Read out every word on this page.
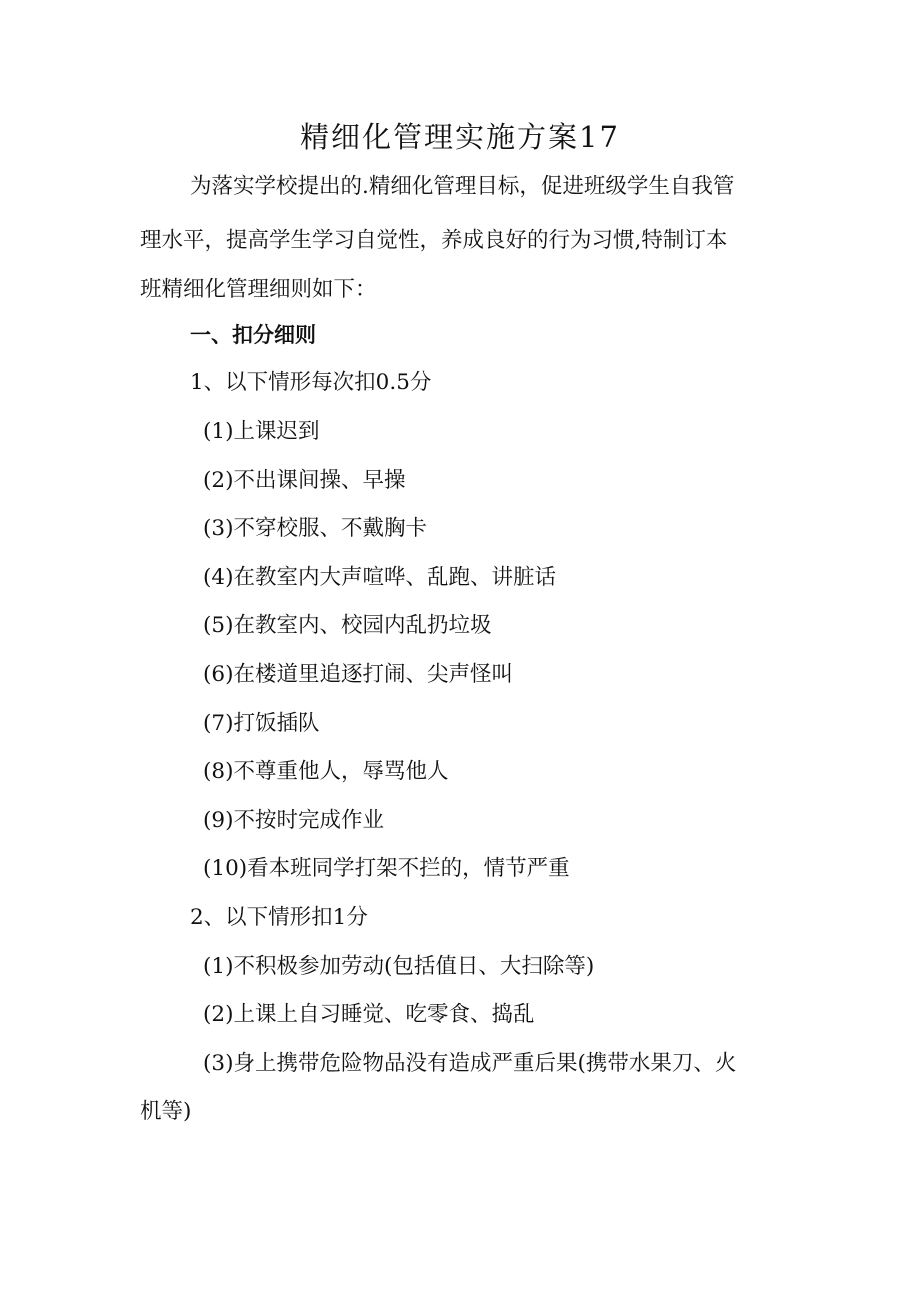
精细化管理实施方案17
为落实学校提出的.精细化管理目标，促进班级学生自我管
理水平，提高学生学习自觉性，养成良好的行为习惯,特制订本
班精细化管理细则如下：
一、扣分细则
1、以下情形每次扣0.5分
(1)上课迟到
(2)不出课间操、早操
(3)不穿校服、不戴胸卡
(4)在教室内大声喧哗、乱跑、讲脏话
(5)在教室内、校园内乱扔垃圾
(6)在楼道里追逐打闹、尖声怪叫
(7)打饭插队
(8)不尊重他人，辱骂他人
(9)不按时完成作业
(10)看本班同学打架不拦的，情节严重
2、以下情形扣1分
(1)不积极参加劳动(包括值日、大扫除等)
(2)上课上自习睡觉、吃零食、捣乱
(3)身上携带危险物品没有造成严重后果(携带水果刀、火
机等)
